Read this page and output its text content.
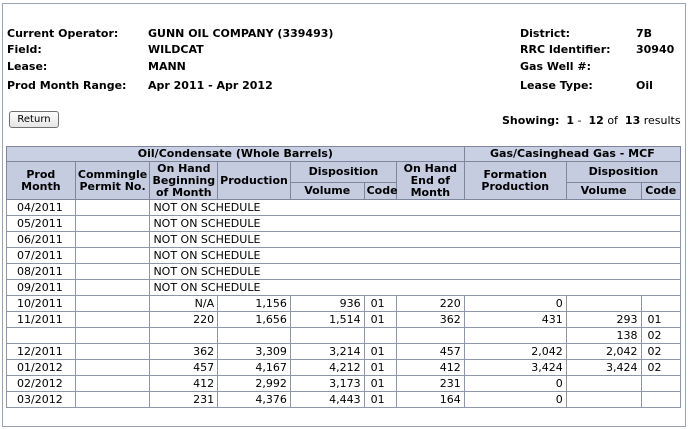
Current Operator:	GUNN OIL COMPANY (339493)
Field:	WILDCAT
Lease:	MANN
Prod Month Range: Apr 2011 - Apr 2012
District:	7B
RRC Identifier: 30940
Gas Well #:
Lease Type:	Oil
Return	Showing: 1 - 12 of 13 results
Oil/Condensate (Whole Barrels)							Gas/Casinghead Gas - MCF		
Prod Month	Commingle Permit No.	On Hand Beginning of Month	Production	Disposition		On Hand End of Month	Formation Production	Disposition	
				Volume	Code			Volume	Code
04/2011		NOT ON SCHEDULE							
05/2011		NOT ON SCHEDULE							
06/2011		NOT ON SCHEDULE							
07/2011		NOT ON SCHEDULE							
08/2011		NOT ON SCHEDULE							
09/2011		NOT ON SCHEDULE							
10/2011		N/A	1,156	936	01	220	0		
11/2011		220	1,656	1,514	01	362	431	293	01
								138	02
12/2011		362	3,309	3,214	01	457	2,042	2,042	02
01/2012		457	4,167	4,212	01	412	3,424	3,424	02
02/2012		412	2,992	3,173	01	231	0		
03/2012		231	4,376	4,443	01	164	0		
